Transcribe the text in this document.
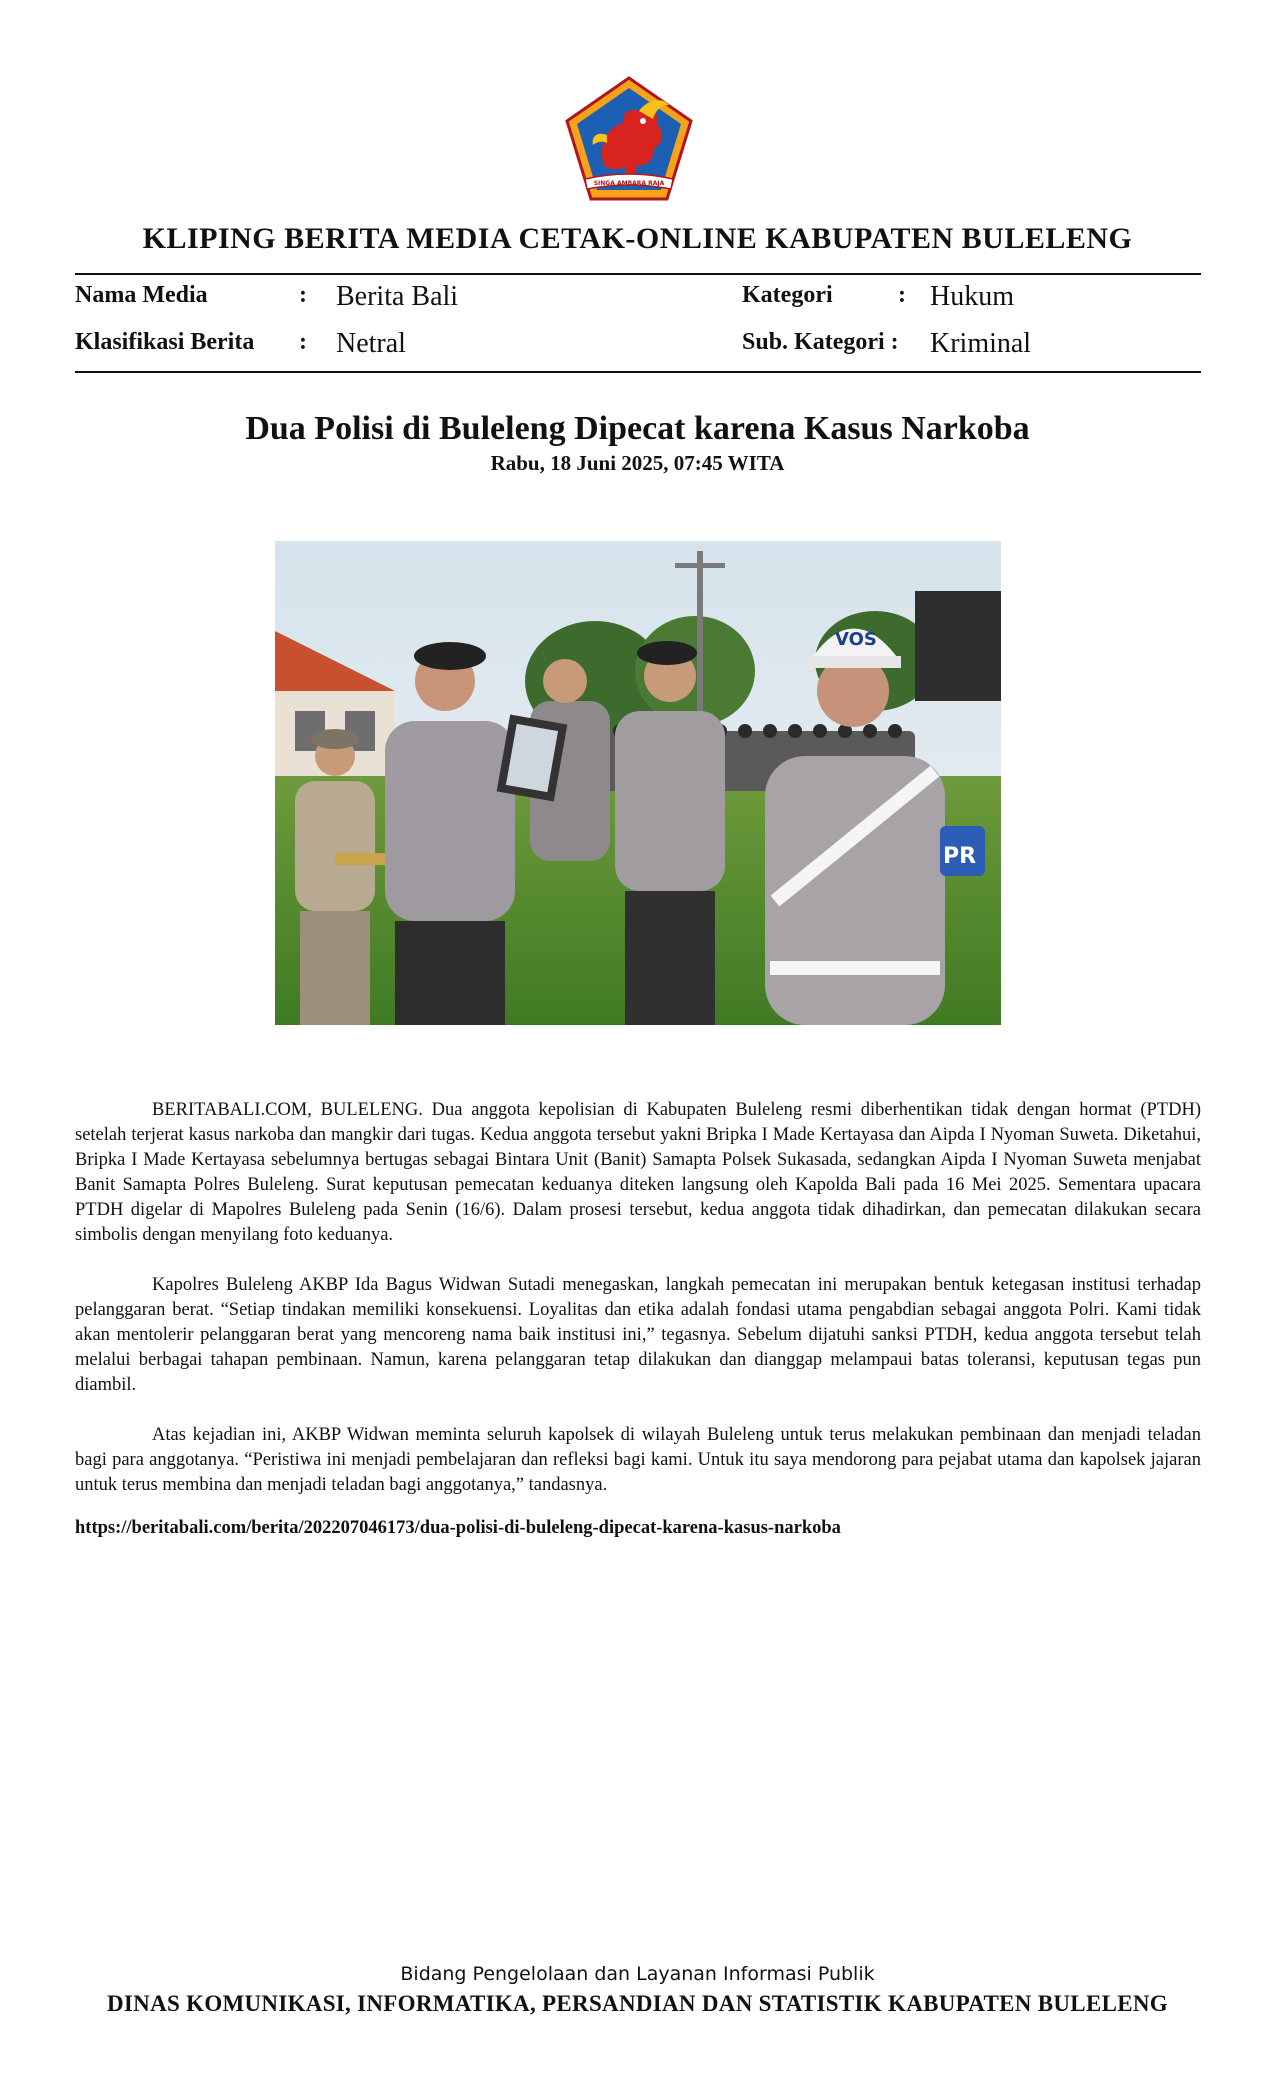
SINGA AMBARA RAJA
KLIPING BERITA MEDIA CETAK-ONLINE KABUPATEN BULELENG
Nama Media	: Berita Bali	Kategori	: Hukum
Klasifikasi Berita : Netral	Sub. Kategori : Kriminal
Dua Polisi di Buleleng Dipecat karena Kasus Narkoba
Rabu, 18 Juni 2025, 07:45 WITA
VOS
PR

BERITABALI.COM, BULELENG. Dua anggota kepolisian di Kabupaten Buleleng resmi diberhentikan tidak dengan hormat (PTDH) setelah terjerat kasus narkoba dan mangkir dari tugas. Kedua anggota tersebut yakni Bripka I Made Kertayasa dan Aipda I Nyoman Suweta. Diketahui, Bripka I Made Kertayasa sebelumnya bertugas sebagai Bintara Unit (Banit) Samapta Polsek Sukasada, sedangkan Aipda I Nyoman Suweta menjabat Banit Samapta Polres Buleleng. Surat keputusan pemecatan keduanya diteken langsung oleh Kapolda Bali pada 16 Mei 2025. Sementara upacara PTDH digelar di Mapolres Buleleng pada Senin (16/6). Dalam prosesi tersebut, kedua anggota tidak dihadirkan, dan pemecatan dilakukan secara simbolis dengan menyilang foto keduanya.

Kapolres Buleleng AKBP Ida Bagus Widwan Sutadi menegaskan, langkah pemecatan ini merupakan bentuk ketegasan institusi terhadap pelanggaran berat. “Setiap tindakan memiliki konsekuensi. Loyalitas dan etika adalah fondasi utama pengabdian sebagai anggota Polri. Kami tidak akan mentolerir pelanggaran berat yang mencoreng nama baik institusi ini,” tegasnya. Sebelum dijatuhi sanksi PTDH, kedua anggota tersebut telah melalui berbagai tahapan pembinaan. Namun, karena pelanggaran tetap dilakukan dan dianggap melampaui batas toleransi, keputusan tegas pun diambil.

Atas kejadian ini, AKBP Widwan meminta seluruh kapolsek di wilayah Buleleng untuk terus melakukan pembinaan dan menjadi teladan bagi para anggotanya. “Peristiwa ini menjadi pembelajaran dan refleksi bagi kami. Untuk itu saya mendorong para pejabat utama dan kapolsek jajaran untuk terus membina dan menjadi teladan bagi anggotanya,” tandasnya.

https://beritabali.com/berita/202207046173/dua-polisi-di-buleleng-dipecat-karena-kasus-narkoba
Bidang Pengelolaan dan Layanan Informasi Publik
DINAS KOMUNIKASI, INFORMATIKA, PERSANDIAN DAN STATISTIK KABUPATEN BULELENG
